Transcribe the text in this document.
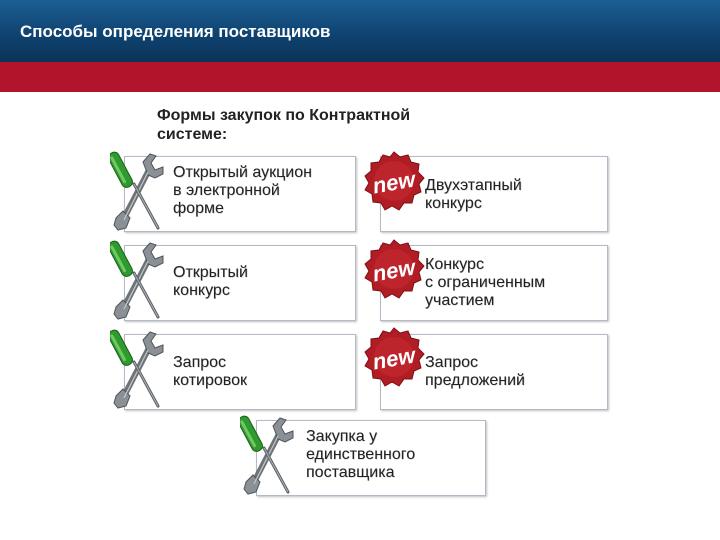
Способы определения поставщиков
Формы закупок по Контрактной
системе:
Открытый аукцион
в электронной
форме
Двухэтапный
конкурс
Открытый
конкурс
Конкурс
с ограниченным
участием
Запрос
котировок
Запрос
предложений
Закупка у
единственного
поставщика
new
new
new
